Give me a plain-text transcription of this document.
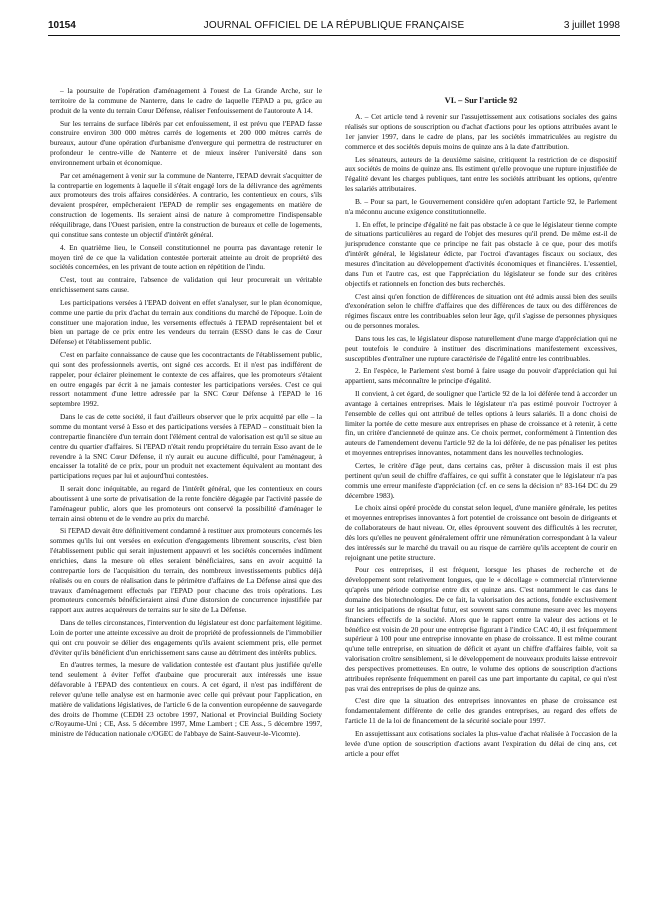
10154	JOURNAL OFFICIEL DE LA RÉPUBLIQUE FRANÇAISE	3 juillet 1998

– la poursuite de l'opération d'aménagement à l'ouest de La Grande Arche, sur le territoire de la commune de Nanterre, dans le cadre de laquelle l'EPAD a pu, grâce au produit de la vente du terrain Cœur Défense, réaliser l'enfouissement de l'autoroute A 14.

Sur les terrains de surface libérés par cet enfouissement, il est prévu que l'EPAD fasse construire environ 300 000 mètres carrés de logements et 200 000 mètres carrés de bureaux, autour d'une opération d'urbanisme d'envergure qui permettra de restructurer en profondeur le centre-ville de Nanterre et de mieux insérer l'université dans son environnement urbain et économique.

Par cet aménagement à venir sur la commune de Nanterre, l'EPAD devrait s'acquitter de la contrepartie en logements à laquelle il s'était engagé lors de la délivrance des agréments aux promoteurs des trois affaires considérées. A contrario, les contentieux en cours, s'ils devaient prospérer, empêcheraient l'EPAD de remplir ses engagements en matière de construction de logements. Ils seraient ainsi de nature à compromettre l'indispensable rééquilibrage, dans l'Ouest parisien, entre la construction de bureaux et celle de logements, qui constitue sans conteste un objectif d'intérêt général.

4. En quatrième lieu, le Conseil constitutionnel ne pourra pas davantage retenir le moyen tiré de ce que la validation contestée porterait atteinte au droit de propriété des sociétés concernées, en les privant de toute action en répétition de l'indu.

C'est, tout au contraire, l'absence de validation qui leur procurerait un véritable enrichissement sans cause.

Les participations versées à l'EPAD doivent en effet s'analyser, sur le plan économique, comme une partie du prix d'achat du terrain aux conditions du marché de l'époque. Loin de constituer une majoration indue, les versements effectués à l'EPAD représentaient bel et bien un partage de ce prix entre les vendeurs du terrain (ESSO dans le cas de Cœur Défense) et l'établissement public.

C'est en parfaite connaissance de cause que les cocontractants de l'établissement public, qui sont des professionnels avertis, ont signé ces accords. Et il n'est pas indifférent de rappeler, pour éclairer pleinement le contexte de ces affaires, que les promoteurs s'étaient en outre engagés par écrit à ne jamais contester les participations versées. C'est ce qui ressort notamment d'une lettre adressée par la SNC Cœur Défense à l'EPAD le 16 septembre 1992.

Dans le cas de cette société, il faut d'ailleurs observer que le prix acquitté par elle – la somme du montant versé à Esso et des participations versées à l'EPAD – constituait bien la contrepartie financière d'un terrain dont l'élément central de valorisation est qu'il se situe au centre du quartier d'affaires. Si l'EPAD n'était rendu propriétaire du terrain Esso avant de le revendre à la SNC Cœur Défense, il n'y aurait eu aucune difficulté, pour l'aménageur, à encaisser la totalité de ce prix, pour un produit net exactement équivalent au montant des participations reçues par lui et aujourd'hui contestées.

Il serait donc inéquitable, au regard de l'intérêt général, que les contentieux en cours aboutissent à une sorte de privatisation de la rente foncière dégagée par l'activité passée de l'aménageur public, alors que les promoteurs ont conservé la possibilité d'aménager le terrain ainsi obtenu et de le vendre au prix du marché.

Si l'EPAD devait être définitivement condamné à restituer aux promoteurs concernés les sommes qu'ils lui ont versées en exécution d'engagements librement souscrits, c'est bien l'établissement public qui serait injustement appauvri et les sociétés concernées indûment enrichies, dans la mesure où elles seraient bénéficiaires, sans en avoir acquitté la contrepartie lors de l'acquisition du terrain, des nombreux investissements publics déjà réalisés ou en cours de réalisation dans le périmètre d'affaires de La Défense ainsi que des travaux d'aménagement effectués par l'EPAD pour chacune des trois opérations. Les promoteurs concernés bénéficieraient ainsi d'une distorsion de concurrence injustifiée par rapport aux autres acquéreurs de terrains sur le site de La Défense.

Dans de telles circonstances, l'intervention du législateur est donc parfaitement légitime. Loin de porter une atteinte excessive au droit de propriété de professionnels de l'immobilier qui ont cru pouvoir se délier des engagements qu'ils avaient sciemment pris, elle permet d'éviter qu'ils bénéficient d'un enrichissement sans cause au détriment des intérêts publics.

En d'autres termes, la mesure de validation contestée est d'autant plus justifiée qu'elle tend seulement à éviter l'effet d'aubaine que procurerait aux intéressés une issue défavorable à l'EPAD des contentieux en cours. A cet égard, il n'est pas indifférent de relever qu'une telle analyse est en harmonie avec celle qui prévaut pour l'application, en matière de validations législatives, de l'article 6 de la convention européenne de sauvegarde des droits de l'homme (CEDH 23 octobre 1997, National et Provincial Building Society c/Royaume-Uni ; CE, Ass. 5 décembre 1997, Mme Lambert ; CE Ass., 5 décembre 1997, ministre de l'éducation nationale c/OGEC de l'abbaye de Saint-Sauveur-le-Vicomte).

VI. – Sur l'article 92

A. – Cet article tend à revenir sur l'assujettissement aux cotisations sociales des gains réalisés sur options de souscription ou d'achat d'actions pour les options attribuées avant le 1er janvier 1997, dans le cadre de plans, par les sociétés immatriculées au registre du commerce et des sociétés depuis moins de quinze ans à la date d'attribution.

Les sénateurs, auteurs de la deuxième saisine, critiquent la restriction de ce dispositif aux sociétés de moins de quinze ans. Ils estiment qu'elle provoque une rupture injustifiée de l'égalité devant les charges publiques, tant entre les sociétés attribuant les options, qu'entre les salariés attributaires.

B. – Pour sa part, le Gouvernement considère qu'en adoptant l'article 92, le Parlement n'a méconnu aucune exigence constitutionnelle.

1. En effet, le principe d'égalité ne fait pas obstacle à ce que le législateur tienne compte de situations particulières au regard de l'objet des mesures qu'il prend. De même est-il de jurisprudence constante que ce principe ne fait pas obstacle à ce que, pour des motifs d'intérêt général, le législateur édicte, par l'octroi d'avantages fiscaux ou sociaux, des mesures d'incitation au développement d'activités économiques et financières. L'essentiel, dans l'un et l'autre cas, est que l'appréciation du législateur se fonde sur des critères objectifs et rationnels en fonction des buts recherchés.

C'est ainsi qu'en fonction de différences de situation ont été admis aussi bien des seuils d'exonération selon le chiffre d'affaires que des différences de taux ou des différences de régimes fiscaux entre les contribuables selon leur âge, qu'il s'agisse de personnes physiques ou de personnes morales.

Dans tous les cas, le législateur dispose naturellement d'une marge d'appréciation qui ne peut toutefois le conduire à instituer des discriminations manifestement excessives, susceptibles d'entraîner une rupture caractérisée de l'égalité entre les contribuables.

2. En l'espèce, le Parlement s'est borné à faire usage du pouvoir d'appréciation qui lui appartient, sans méconnaître le principe d'égalité.

Il convient, à cet égard, de souligner que l'article 92 de la loi déférée tend à accorder un avantage à certaines entreprises. Mais le législateur n'a pas estimé pouvoir l'octroyer à l'ensemble de celles qui ont attribué de telles options à leurs salariés. Il a donc choisi de limiter la portée de cette mesure aux entreprises en phase de croissance et à retenir, à cette fin, un critère d'ancienneté de quinze ans. Ce choix permet, conformément à l'intention des auteurs de l'amendement devenu l'article 92 de la loi déférée, de ne pas pénaliser les petites et moyennes entreprises innovantes, notamment dans les nouvelles technologies.

Certes, le critère d'âge peut, dans certains cas, prêter à discussion mais il est plus pertinent qu'un seuil de chiffre d'affaires, ce qui suffit à constater que le législateur n'a pas commis une erreur manifeste d'appréciation (cf. en ce sens la décision n° 83-164 DC du 29 décembre 1983).

Le choix ainsi opéré procède du constat selon lequel, d'une manière générale, les petites et moyennes entreprises innovantes à fort potentiel de croissance ont besoin de dirigeants et de collaborateurs de haut niveau. Or, elles éprouvent souvent des difficultés à les recruter, dès lors qu'elles ne peuvent généralement offrir une rémunération correspondant à la valeur des intéressés sur le marché du travail ou au risque de carrière qu'ils acceptent de courir en rejoignant une petite structure.

Pour ces entreprises, il est fréquent, lorsque les phases de recherche et de développement sont relativement longues, que le « décollage » commercial n'intervienne qu'après une période comprise entre dix et quinze ans. C'est notamment le cas dans le domaine des biotechnologies. De ce fait, la valorisation des actions, fondée exclusivement sur les anticipations de résultat futur, est souvent sans commune mesure avec les moyens financiers effectifs de la société. Alors que le rapport entre la valeur des actions et le bénéfice est voisin de 20 pour une entreprise figurant à l'indice CAC 40, il est fréquemment supérieur à 100 pour une entreprise innovante en phase de croissance. Il est même courant qu'une telle entreprise, en situation de déficit et ayant un chiffre d'affaires faible, voit sa valorisation croître sensiblement, si le développement de nouveaux produits laisse entrevoir des perspectives prometteuses. En outre, le volume des options de souscription d'actions attribuées représente fréquemment en pareil cas une part importante du capital, ce qui n'est pas vrai des entreprises de plus de quinze ans.

C'est dire que la situation des entreprises innovantes en phase de croissance est fondamentalement différente de celle des grandes entreprises, au regard des effets de l'article 11 de la loi de financement de la sécurité sociale pour 1997.

En assujettissant aux cotisations sociales la plus-value d'achat réalisée à l'occasion de la levée d'une option de souscription d'actions avant l'expiration du délai de cinq ans, cet article a pour effet
